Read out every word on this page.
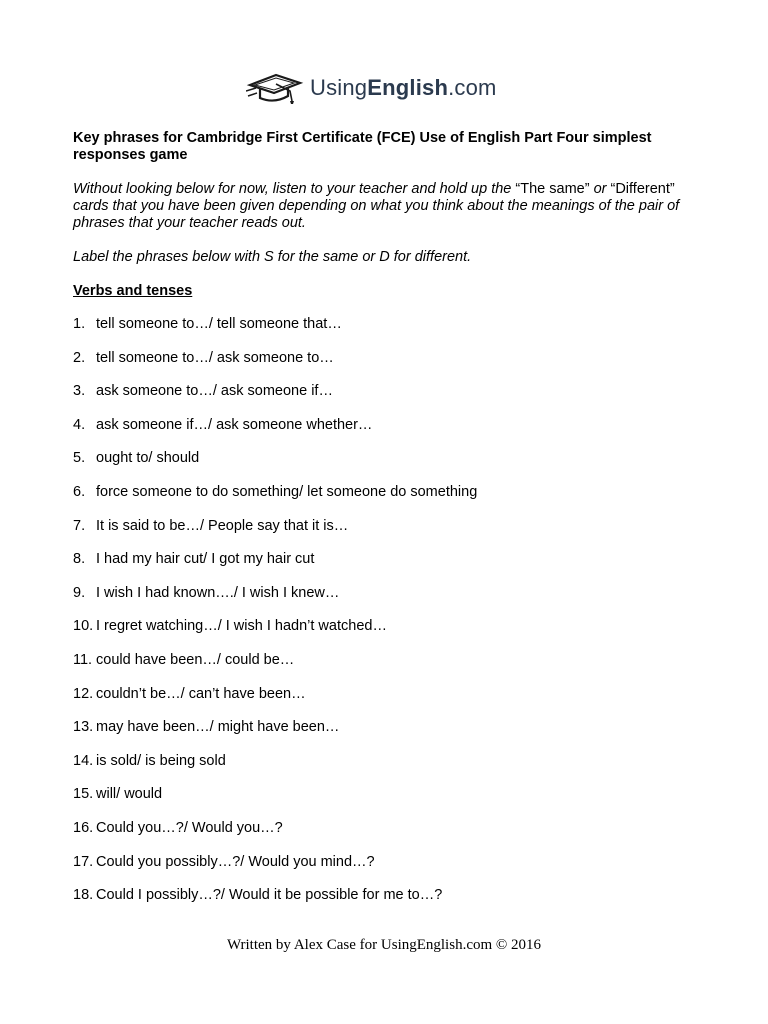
UsingEnglish.com

Key phrases for Cambridge First Certificate (FCE) Use of English Part Four simplest responses game

Without looking below for now, listen to your teacher and hold up the “The same” or “Different” cards that you have been given depending on what you think about the meanings of the pair of phrases that your teacher reads out.

Label the phrases below with S for the same or D for different.

Verbs and tenses

1. tell someone to…/ tell someone that…
2. tell someone to…/ ask someone to…
3. ask someone to…/ ask someone if…
4. ask someone if…/ ask someone whether…
5. ought to/ should
6. force someone to do something/ let someone do something
7. It is said to be…/ People say that it is…
8. I had my hair cut/ I got my hair cut
9. I wish I had known…./ I wish I knew…
10. I regret watching…/ I wish I hadn’t watched…
11. could have been…/ could be…
12. couldn’t be…/ can’t have been…
13. may have been…/ might have been…
14. is sold/ is being sold
15. will/ would
16. Could you…?/ Would you…?
17. Could you possibly…?/ Would you mind…?
18. Could I possibly…?/ Would it be possible for me to…?
Written by Alex Case for UsingEnglish.com © 2016
